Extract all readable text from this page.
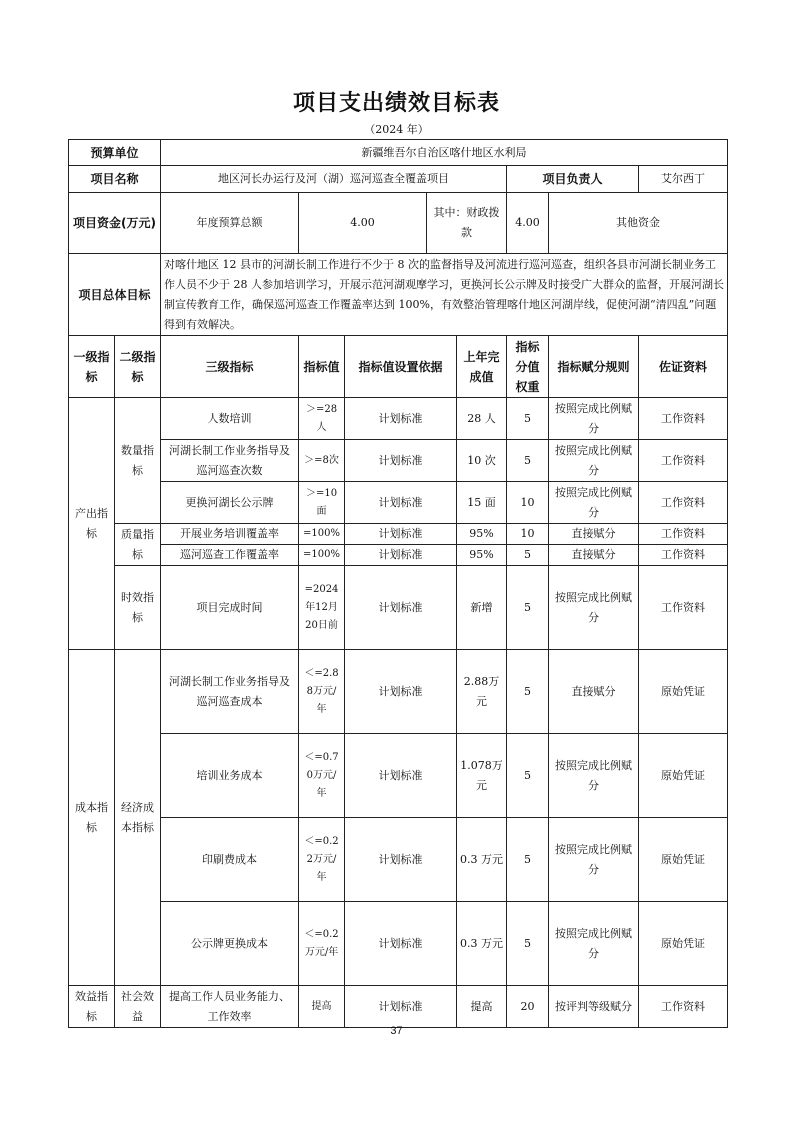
项目支出绩效目标表
（2024 年）
预算单位		新疆维吾尔自治区喀什地区水利局								
项目名称		地区河长办运行及河（湖）巡河巡查全覆盖项目					项目负责人		艾尔西丁	
项目资金(万元)		年度预算总额	4.00		其中：财政拨款		4.00	其他资金	
项目总体目标		对喀什地区 12 县市的河湖长制工作进行不少于 8 次的监督指导及河流进行巡河巡查，组织各县市河湖长制业务工作人员不少于 28 人参加培训学习，开展示范河湖观摩学习，更换河长公示牌及时接受广大群众的监督，开展河湖长制宣传教育工作，确保巡河巡查工作覆盖率达到 100%，有效整治管理喀什地区河湖岸线，促使河湖“清四乱”问题得到有效解决。								
一级指标	二级指标	三级指标	指标值	指标值设置依据		上年完成值	指标分值权重	指标赋分规则	佐证资料	
产出指标	数量指标	人数培训	＞=28人	计划标准		28 人	5	按照完成比例赋分	工作资料	
		河湖长制工作业务指导及巡河巡查次数	＞=8次	计划标准		10 次	5	按照完成比例赋分	工作资料	
		更换河湖长公示牌	＞=10面	计划标准		15 面	10	按照完成比例赋分	工作资料	
	质量指标	开展业务培训覆盖率	=100%	计划标准		95%	10	直接赋分	工作资料	
		巡河巡查工作覆盖率	=100%	计划标准		95%	5	直接赋分	工作资料	
	时效指标	项目完成时间	=2024年12月20日前	计划标准		新增	5	按照完成比例赋分	工作资料	
成本指标	经济成本指标	河湖长制工作业务指导及巡河巡查成本	＜=2.88万元/年	计划标准		2.88万元	5	直接赋分	原始凭证	
		培训业务成本	＜=0.70万元/年	计划标准		1.078万元	5	按照完成比例赋分	原始凭证	
		印刷费成本	＜=0.22万元/年	计划标准		0.3 万元	5	按照完成比例赋分	原始凭证	
		公示牌更换成本	＜=0.2万元/年	计划标准		0.3 万元	5	按照完成比例赋分	原始凭证	
效益指标	社会效益	提高工作人员业务能力、工作效率	提高	计划标准		提高	20	按评判等级赋分	工作资料	
37
